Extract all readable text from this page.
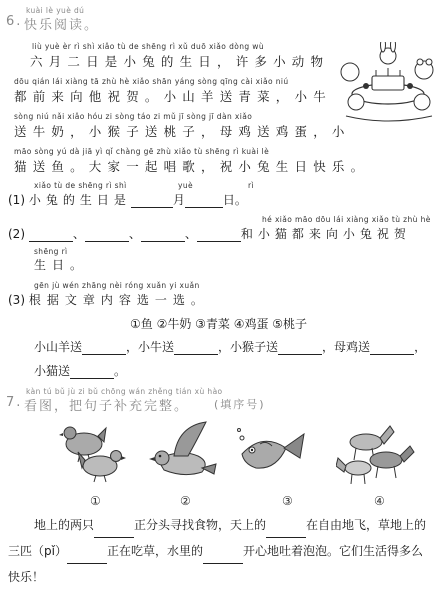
kuài lè yuè dú
6. 快乐阅读。
liù yuè èr rì shì xiǎo tù de shēng rì xǔ duō xiǎo dòng wù
六月二日是小兔的生日，许多小动物
dōu qián lái xiàng tā zhù hè xiǎo shān yáng sòng qīng cài xiǎo niú
都前来向他祝贺。小山羊送青菜，小牛
sòng niú nǎi xiǎo hóu zi sòng táo zi mǔ jī sòng jī dàn xiǎo
送牛奶，小猴子送桃子，母鸡送鸡蛋，小
māo sòng yú dà jiā yì qǐ chàng gē zhù xiǎo tù shēng rì kuài lè
猫送鱼。大家一起唱歌，祝小兔生日快乐。
xiǎo tù de shēng rì shì	yuè	rì
(1) 小兔的生日是	月	日。
hé xiǎo māo dōu lái xiàng xiǎo tù zhù hè
(2)	、	、	、	和小猫都来向小兔祝贺
shēng rì
生日。
gēn jù wén zhāng nèi róng xuǎn yi xuǎn
(3) 根据文章内容选一选。
①鱼 ②牛奶 ③青菜 ④鸡蛋 ⑤桃子
小山羊送	，小牛送	，小猴子送	，母鸡送	，
小猫送	。
kàn tú bǔ jù zi bǔ chōng wán zhěng tián xù hào
7. 看图，把句子补充完整。 (填序号)
①	②	③	④
地上的两只	正分头寻找食物，天上的	在自由地飞，草地上的
三匹（pǐ）	正在吃草，水里的	开心地吐着泡泡。它们生活得多么
快乐！
